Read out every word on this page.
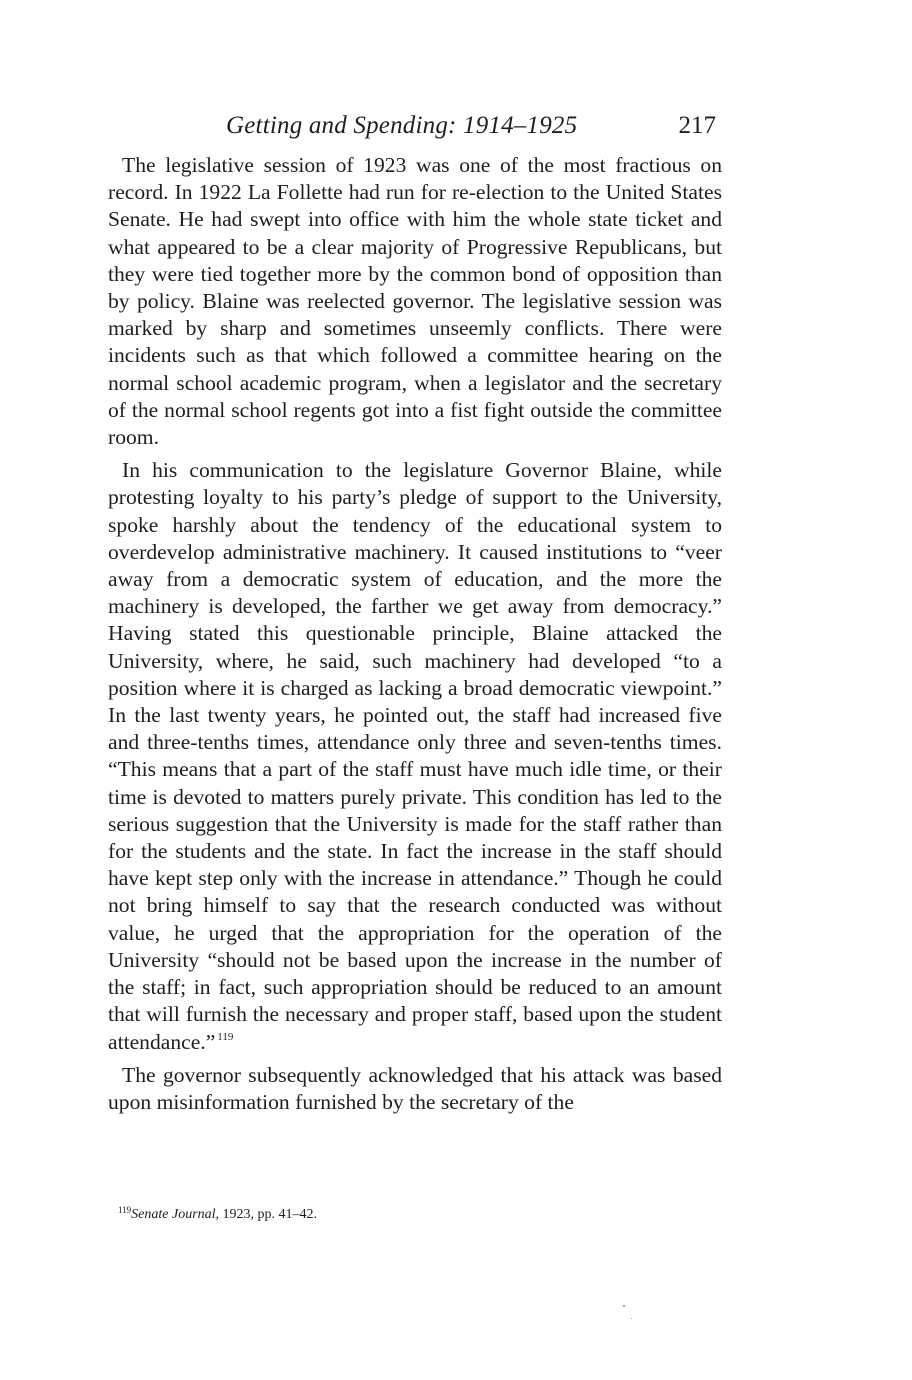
Getting and Spending: 1914–1925	217

The legislative session of 1923 was one of the most fractious on record. In 1922 La Follette had run for re-election to the United States Senate. He had swept into office with him the whole state ticket and what appeared to be a clear majority of Progressive Republicans, but they were tied together more by the common bond of opposition than by policy. Blaine was reelected governor. The legislative session was marked by sharp and sometimes unseemly conflicts. There were incidents such as that which followed a committee hearing on the normal school academic program, when a legislator and the secretary of the normal school regents got into a fist fight outside the committee room.

In his communication to the legislature Governor Blaine, while protesting loyalty to his party’s pledge of support to the University, spoke harshly about the tendency of the educational system to overdevelop administrative machinery. It caused institutions to “veer away from a democratic system of education, and the more the machinery is developed, the farther we get away from democracy.” Having stated this questionable principle, Blaine attacked the University, where, he said, such machinery had developed “to a position where it is charged as lacking a broad democratic viewpoint.” In the last twenty years, he pointed out, the staff had increased five and three-tenths times, attendance only three and seven-tenths times. “This means that a part of the staff must have much idle time, or their time is devoted to matters purely private. This condition has led to the serious suggestion that the University is made for the staff rather than for the students and the state. In fact the increase in the staff should have kept step only with the increase in attendance.” Though he could not bring himself to say that the research conducted was without value, he urged that the appropriation for the operation of the University “should not be based upon the increase in the number of the staff; in fact, such appropriation should be reduced to an amount that will furnish the necessary and proper staff, based upon the student attendance.” $^{119}$

The governor subsequently acknowledged that his attack was based upon misinformation furnished by the secretary of the

$^{119}$Senate Journal, 1923, pp. 41–42.
